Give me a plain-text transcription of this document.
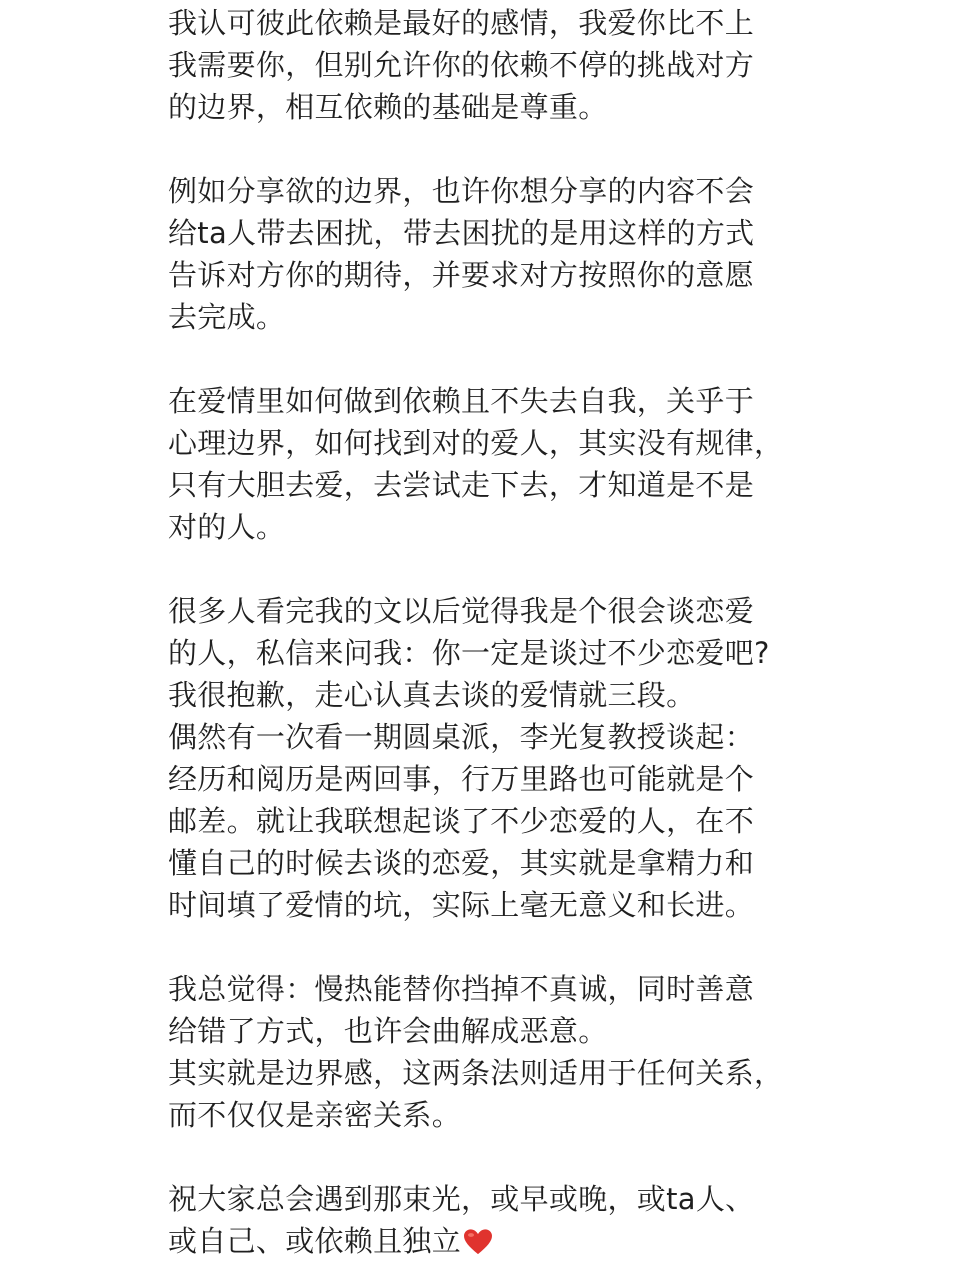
我认可彼此依赖是最好的感情，我爱你比不上
我需要你，但别允许你的依赖不停的挑战对方
的边界，相互依赖的基础是尊重。
例如分享欲的边界，也许你想分享的内容不会
给ta人带去困扰，带去困扰的是用这样的方式
告诉对方你的期待，并要求对方按照你的意愿
去完成。
在爱情里如何做到依赖且不失去自我，关乎于
心理边界，如何找到对的爱人，其实没有规律，
只有大胆去爱，去尝试走下去，才知道是不是
对的人。
很多人看完我的文以后觉得我是个很会谈恋爱
的人，私信来问我：你一定是谈过不少恋爱吧?
我很抱歉，走心认真去谈的爱情就三段。
偶然有一次看一期圆桌派，李光复教授谈起：
经历和阅历是两回事，行万里路也可能就是个
邮差。就让我联想起谈了不少恋爱的人，在不
懂自己的时候去谈的恋爱，其实就是拿精力和
时间填了爱情的坑，实际上毫无意义和长进。
我总觉得：慢热能替你挡掉不真诚，同时善意
给错了方式，也许会曲解成恶意。
其实就是边界感，这两条法则适用于任何关系，
而不仅仅是亲密关系。
祝大家总会遇到那束光，或早或晚，或ta人、
或自己、或依赖且独立
